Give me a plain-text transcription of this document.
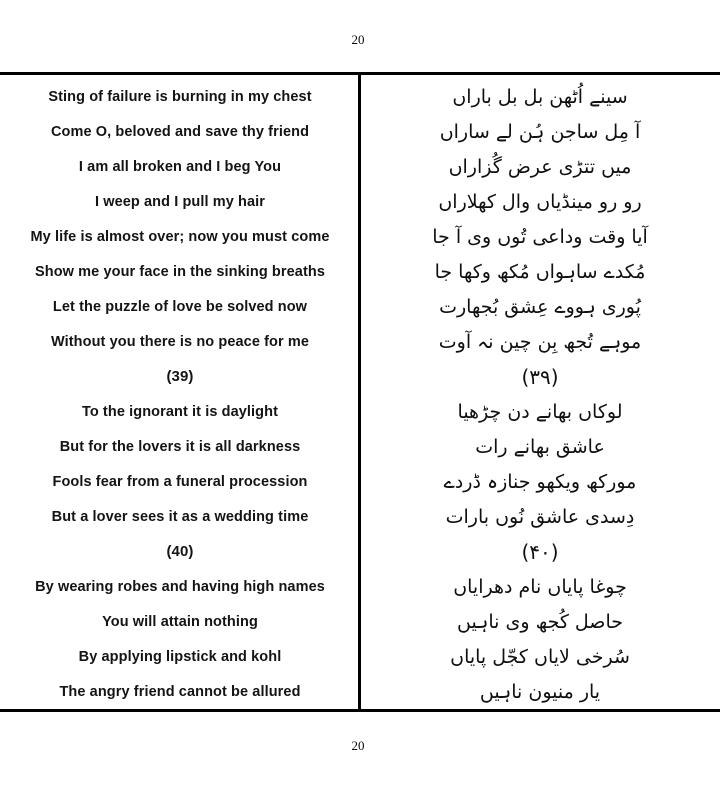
20
Sting of failure is burning in my chest	سینے اُٹھن بل بل باراں
Come O, beloved and save thy friend	آ مِل ساجن ہُن لے ساراں
I am all broken and I beg You	میں تتڑی عرض گُزاراں
I weep and I pull my hair	رو رو مینڈیاں وال کھلاراں
My life is almost over; now you must come	آیا وقت وداعی تُوں وی آ جا
Show me your face in the sinking breaths	مُکدے ساہواں مُکھ وکھا جا
Let the puzzle of love be solved now	پُوری ہووے عِشق بُجھارت
Without you there is no peace for me	موہے تُجھ بِن چین نہ آوت
(39)	(۳۹)
To the ignorant it is daylight	لوکاں بھانے دن چڑھیا
But for the lovers it is all darkness	عاشق بھانے رات
Fools fear from a funeral procession	مورکھ ویکھو جنازہ ڈردے
But a lover sees it as a wedding time	دِسدی عاشق نُوں بارات
(40)	(۴۰)
By wearing robes and having high names	چوغا پایاں نام دھرایاں
You will attain nothing	حاصل کُجھ وی ناہیں
By applying lipstick and kohl	سُرخی لایاں کجّل پایاں
The angry friend cannot be allured	یار منیون ناہیں
20
